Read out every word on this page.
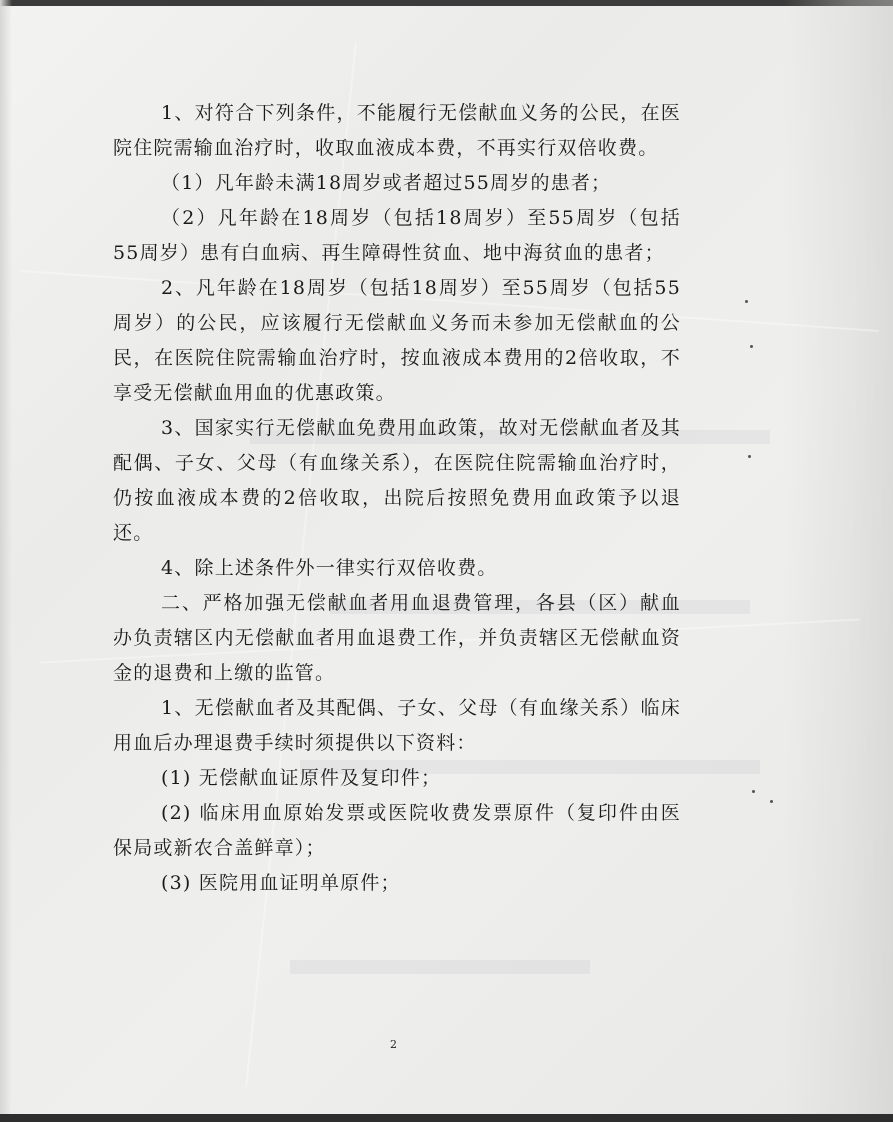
1、对符合下列条件，不能履行无偿献血义务的公民，在医院住院需输血治疗时，收取血液成本费，不再实行双倍收费。

（1）凡年龄未满18周岁或者超过55周岁的患者；

（2）凡年龄在18周岁（包括18周岁）至55周岁（包括55周岁）患有白血病、再生障碍性贫血、地中海贫血的患者；

2、凡年龄在18周岁（包括18周岁）至55周岁（包括55周岁）的公民，应该履行无偿献血义务而未参加无偿献血的公民，在医院住院需输血治疗时，按血液成本费用的2倍收取，不享受无偿献血用血的优惠政策。

3、国家实行无偿献血免费用血政策，故对无偿献血者及其配偶、子女、父母（有血缘关系），在医院住院需输血治疗时，仍按血液成本费的2倍收取，出院后按照免费用血政策予以退还。

4、除上述条件外一律实行双倍收费。

二、严格加强无偿献血者用血退费管理，各县（区）献血办负责辖区内无偿献血者用血退费工作，并负责辖区无偿献血资金的退费和上缴的监管。

1、无偿献血者及其配偶、子女、父母（有血缘关系）临床用血后办理退费手续时须提供以下资料：

(1) 无偿献血证原件及复印件；

(2) 临床用血原始发票或医院收费发票原件（复印件由医保局或新农合盖鲜章）；

(3) 医院用血证明单原件；

2
